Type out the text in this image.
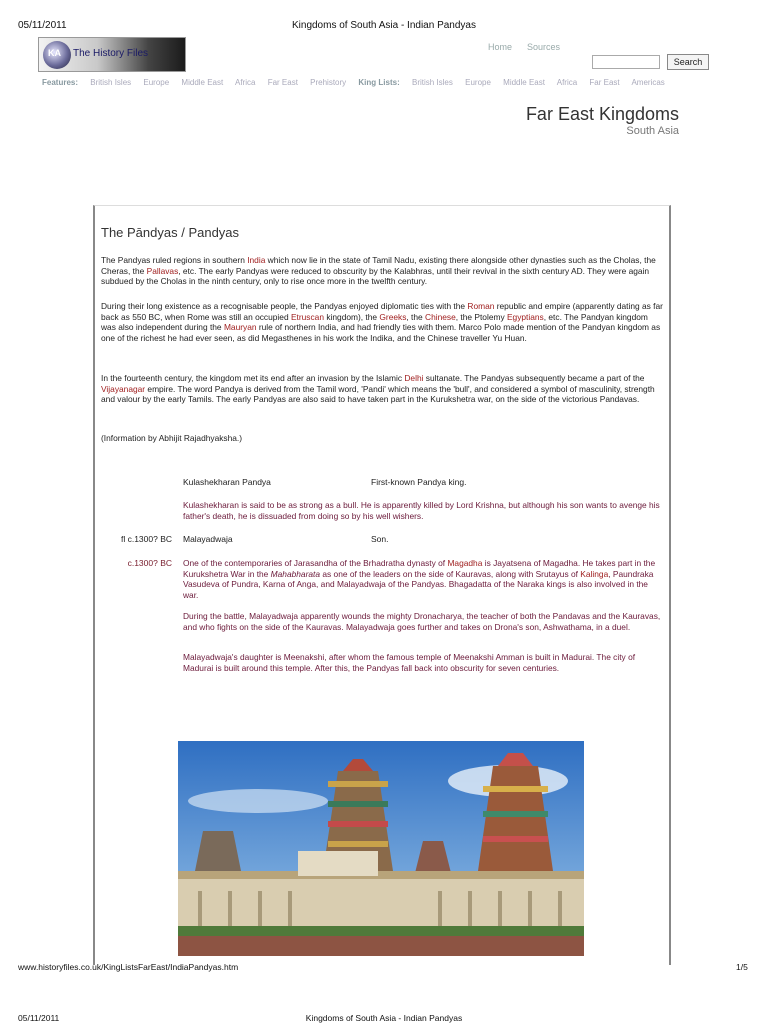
05/11/2011	Kingdoms of South Asia - Indian Pandyas
KA The History Files
Home Sources
Search
Features: British Isles Europe Middle East Africa Far East Prehistory King Lists: British Isles Europe Middle East Africa Far East Americas
Far East Kingdoms
South Asia
The Pāndyas / Pandyas
The Pandyas ruled regions in southern India which now lie in the state of Tamil Nadu, existing there alongside other dynasties such as the Cholas, the Cheras, the Pallavas, etc. The early Pandyas were reduced to obscurity by the Kalabhras, until their revival in the sixth century AD. They were again subdued by the Cholas in the ninth century, only to rise once more in the twelfth century.
During their long existence as a recognisable people, the Pandyas enjoyed diplomatic ties with the Roman republic and empire (apparently dating as far back as 550 BC, when Rome was still an occupied Etruscan kingdom), the Greeks, the Chinese, the Ptolemy Egyptians, etc. The Pandyan kingdom was also independent during the Mauryan rule of northern India, and had friendly ties with them. Marco Polo made mention of the Pandyan kingdom as one of the richest he had ever seen, as did Megasthenes in his work the Indika, and the Chinese traveller Yu Huan.
In the fourteenth century, the kingdom met its end after an invasion by the Islamic Delhi sultanate. The Pandyas subsequently became a part of the Vijayanagar empire. The word Pandya is derived from the Tamil word, 'Pandi' which means the 'bull', and considered a symbol of masculinity, strength and valour by the early Tamils. The early Pandyas are also said to have taken part in the Kurukshetra war, on the side of the victorious Pandavas.
(Information by Abhijit Rajadhyaksha.)
Kulashekharan Pandya	First-known Pandya king.
Kulashekharan is said to be as strong as a bull. He is apparently killed by Lord Krishna, but although his son wants to avenge his father's death, he is dissuaded from doing so by his well wishers.
fl c.1300? BC Malayadwaja	Son.
c.1300? BC One of the contemporaries of Jarasandha of the Brhadratha dynasty of Magadha is Jayatsena of Magadha. He takes part in the Kurukshetra War in the Mahabharata as one of the leaders on the side of Kauravas, along with Srutayus of Kalinga, Paundraka Vasudeva of Pundra, Karna of Anga, and Malayadwaja of the Pandyas. Bhagadatta of the Naraka kings is also involved in the war.
During the battle, Malayadwaja apparently wounds the mighty Dronacharya, the teacher of both the Pandavas and the Kauravas, and who fights on the side of the Kauravas. Malayadwaja goes further and takes on Drona's son, Ashwathama, in a duel.
Malayadwaja's daughter is Meenakshi, after whom the famous temple of Meenakshi Amman is built in Madurai. The city of Madurai is built around this temple. After this, the Pandyas fall back into obscurity for seven centuries.
www.historyfiles.co.uk/KingListsFarEast/IndiaPandyas.htm	1/5
05/11/2011	Kingdoms of South Asia - Indian Pandyas
